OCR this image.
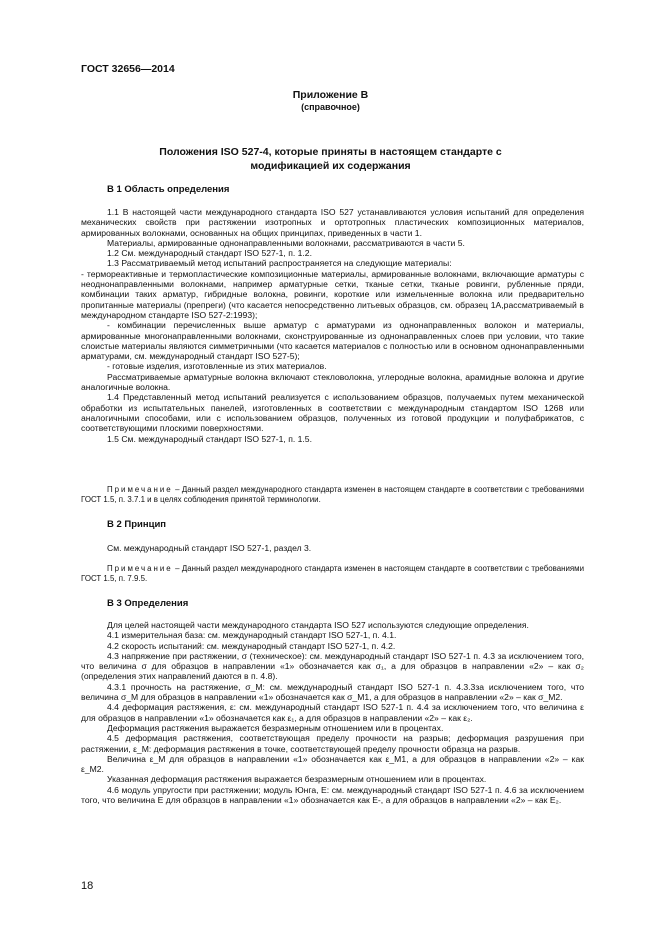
ГОСТ 32656—2014
Приложение В
(справочное)
Положения ISO 527-4, которые приняты в настоящем стандарте с
модификацией их содержания
В 1 Область определения

1.1 В настоящей части международного стандарта ISO 527 устанавливаются условия испытаний для определения механических свойств при растяжении изотропных и ортотропных пластических композиционных материалов, армированных волокнами, основанных на общих принципах, приведенных в части 1.

Материалы, армированные однонаправленными волокнами, рассматриваются в части 5.

1.2 См. международный стандарт ISO 527-1, п. 1.2.

1.3 Рассматриваемый метод испытаний распространяется на следующие материалы:

- термореактивные и термопластические композиционные материалы, армированные волокнами, включающие арматуры с неоднонаправленными волокнами, например арматурные сетки, тканые сетки, тканые ровинги, рубленные пряди, комбинации таких арматур, гибридные волокна, ровинги, короткие или измельченные волокна или предварительно пропитанные материалы (препреги) (что касается непосредственно литьевых образцов, см. образец 1А,рассматриваемый в международном стандарте ISO 527-2:1993);

- комбинации перечисленных выше арматур с арматурами из однонаправленных волокон и материалы, армированные многонаправленными волокнами, сконструированные из однонаправленных слоев при условии, что такие слоистые материалы являются симметричными (что касается материалов с полностью или в основном однонаправленными арматурами, см. международный стандарт ISO 527-5);

- готовые изделия, изготовленные из этих материалов.

Рассматриваемые арматурные волокна включают стекловолокна, углеродные волокна, арамидные волокна и другие аналогичные волокна.

1.4 Представленный метод испытаний реализуется с использованием образцов, получаемых путем механической обработки из испытательных панелей, изготовленных в соответствии с международным стандартом ISO 1268 или аналогичными способами, или с использованием образцов, полученных из готовой продукции и полуфабрикатов, с соответствующими плоскими поверхностями.

1.5 См. международный стандарт ISO 527-1, п. 1.5.

Примечание – Данный раздел международного стандарта изменен в настоящем стандарте в соответствии с требованиями ГОСТ 1.5, п. 3.7.1 и в целях соблюдения принятой терминологии.

В 2 Принцип

См. международный стандарт ISO 527-1, раздел 3.

Примечание – Данный раздел международного стандарта изменен в настоящем стандарте в соответствии с требованиями ГОСТ 1.5, п. 7.9.5.

В 3 Определения

Для целей настоящей части международного стандарта ISO 527 используются следующие определения.

4.1 измерительная база: см. международный стандарт ISO 527-1, п. 4.1.

4.2 скорость испытаний: см. международный стандарт ISO 527-1, п. 4.2.

4.3 напряжение при растяжении, σ (техническое): см. международный стандарт ISO 527-1 п. 4.3 за исключением того, что величина σ для образцов в направлении «1» обозначается как σ₁, а для образцов в направлении «2» – как σ₂ (определения этих направлений даются в п. 4.8).

4.3.1 прочность на растяжение, σ_M: см. международный стандарт ISO 527-1 п. 4.3.3за исключением того, что величина σ_M для образцов в направлении «1» обозначается как σ_M1, а для образцов в направлении «2» – как σ_M2.

4.4 деформация растяжения, ε: см. международный стандарт ISO 527-1 п. 4.4 за исключением того, что величина ε для образцов в направлении «1» обозначается как ε₁, а для образцов в направлении «2» – как ε₂.

Деформация растяжения выражается безразмерным отношением или в процентах.

4.5 деформация растяжения, соответствующая пределу прочности на разрыв; деформация разрушения при растяжении, ε_M: деформация растяжения в точке, соответствующей пределу прочности образца на разрыв.

Величина ε_M для образцов в направлении «1» обозначается как ε_M1, а для образцов в направлении «2» – как ε_M2.

Указанная деформация растяжения выражается безразмерным отношением или в процентах.

4.6 модуль упругости при растяжении; модуль Юнга, E: см. международный стандарт ISO 527-1 п. 4.6 за исключением того, что величина E для образцов в направлении «1» обозначается как E-, а для образцов в направлении «2» – как E₂.

18
